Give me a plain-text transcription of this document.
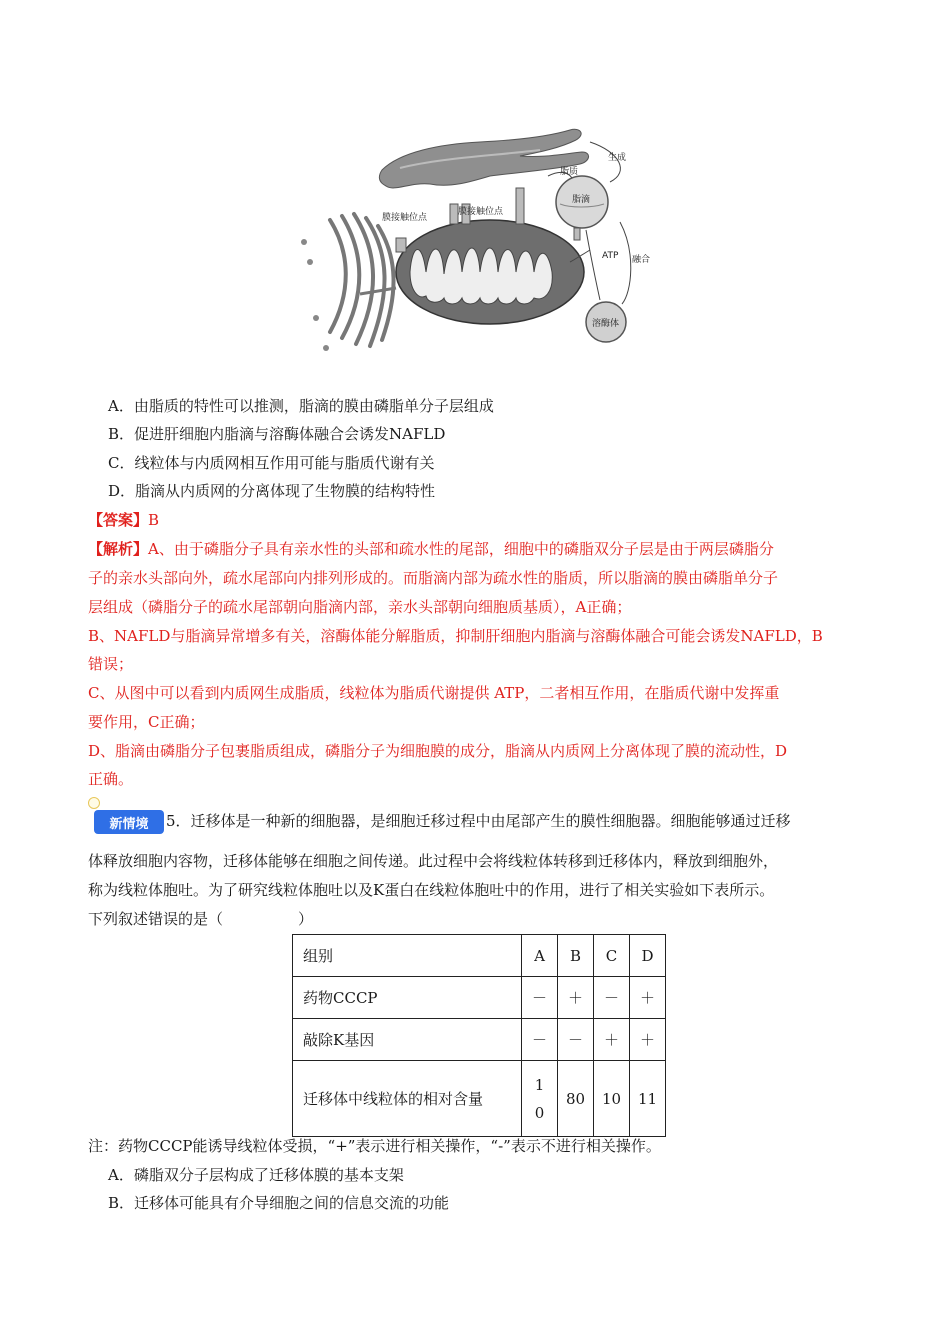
膜接触位点
膜接触位点
生成
脂质
脂滴
ATP 融合
溶酶体
A．由脂质的特性可以推测，脂滴的膜由磷脂单分子层组成
B．促进肝细胞内脂滴与溶酶体融合会诱发NAFLD
C．线粒体与内质网相互作用可能与脂质代谢有关
D．脂滴从内质网的分离体现了生物膜的结构特性
【答案】B
【解析】A、由于磷脂分子具有亲水性的头部和疏水性的尾部，细胞中的磷脂双分子层是由于两层磷脂分
子的亲水头部向外，疏水尾部向内排列形成的。而脂滴内部为疏水性的脂质，所以脂滴的膜由磷脂单分子
层组成（磷脂分子的疏水尾部朝向脂滴内部，亲水头部朝向细胞质基质），A正确；
B、NAFLD与脂滴异常增多有关，溶酶体能分解脂质，抑制肝细胞内脂滴与溶酶体融合可能会诱发NAFLD，B
错误；
C、从图中可以看到内质网生成脂质，线粒体为脂质代谢提供 ATP，二者相互作用，在脂质代谢中发挥重
要作用，C正确；
D、脂滴由磷脂分子包裹脂质组成，磷脂分子为细胞膜的成分，脂滴从内质网上分离体现了膜的流动性，D
正确。
新情境	5．迁移体是一种新的细胞器，是细胞迁移过程中由尾部产生的膜性细胞器。细胞能够通过迁移
体释放细胞内容物，迁移体能够在细胞之间传递。此过程中会将线粒体转移到迁移体内，释放到细胞外，
称为线粒体胞吐。为了研究线粒体胞吐以及K蛋白在线粒体胞吐中的作用，进行了相关实验如下表所示。
下列叙述错误的是（　　　　　）
组别	A	B	C	D
药物CCCP	－	＋	－	＋
敲除K基因	－	－	＋	＋
迁移体中线粒体的相对含量	10	80	10	11
注：药物CCCP能诱导线粒体受损，“+”表示进行相关操作，“-”表示不进行相关操作。
A．磷脂双分子层构成了迁移体膜的基本支架
B．迁移体可能具有介导细胞之间的信息交流的功能
